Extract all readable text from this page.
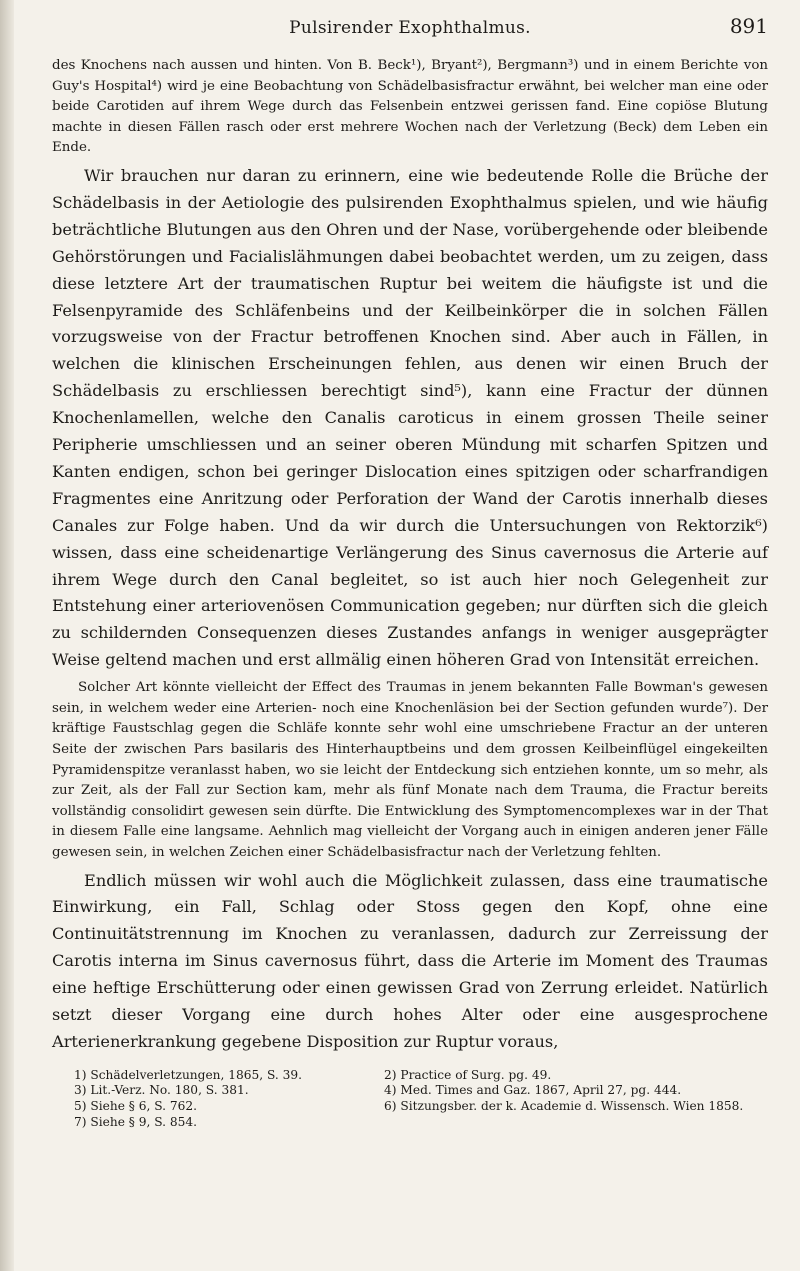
Pulsirender Exophthalmus.	891

des Knochens nach aussen und hinten. Von B. Beck¹), Bryant²), Bergmann³) und in einem Berichte von Guy's Hospital⁴) wird je eine Beobachtung von Schädelbasisfractur erwähnt, bei welcher man eine oder beide Carotiden auf ihrem Wege durch das Felsenbein entzwei gerissen fand. Eine copiöse Blutung machte in diesen Fällen rasch oder erst mehrere Wochen nach der Verletzung (Beck) dem Leben ein Ende.

Wir brauchen nur daran zu erinnern, eine wie bedeutende Rolle die Brüche der Schädelbasis in der Aetiologie des pulsirenden Exophthalmus spielen, und wie häufig beträchtliche Blutungen aus den Ohren und der Nase, vorübergehende oder bleibende Gehörstörungen und Facialislähmungen dabei beobachtet werden, um zu zeigen, dass diese letztere Art der traumatischen Ruptur bei weitem die häufigste ist und die Felsenpyramide des Schläfenbeins und der Keilbeinkörper die in solchen Fällen vorzugsweise von der Fractur betroffenen Knochen sind. Aber auch in Fällen, in welchen die klinischen Erscheinungen fehlen, aus denen wir einen Bruch der Schädelbasis zu erschliessen berechtigt sind⁵), kann eine Fractur der dünnen Knochenlamellen, welche den Canalis caroticus in einem grossen Theile seiner Peripherie umschliessen und an seiner oberen Mündung mit scharfen Spitzen und Kanten endigen, schon bei geringer Dislocation eines spitzigen oder scharfrandigen Fragmentes eine Anritzung oder Perforation der Wand der Carotis innerhalb dieses Canales zur Folge haben. Und da wir durch die Untersuchungen von Rektorzik⁶) wissen, dass eine scheidenartige Verlängerung des Sinus cavernosus die Arterie auf ihrem Wege durch den Canal begleitet, so ist auch hier noch Gelegenheit zur Entstehung einer arteriovenösen Communication gegeben; nur dürften sich die gleich zu schildernden Consequenzen dieses Zustandes anfangs in weniger ausgeprägter Weise geltend machen und erst allmälig einen höheren Grad von Intensität erreichen.

Solcher Art könnte vielleicht der Effect des Traumas in jenem bekannten Falle Bowman's gewesen sein, in welchem weder eine Arterien- noch eine Knochenläsion bei der Section gefunden wurde⁷). Der kräftige Faustschlag gegen die Schläfe konnte sehr wohl eine umschriebene Fractur an der unteren Seite der zwischen Pars basilaris des Hinterhauptbeins und dem grossen Keilbeinflügel eingekeilten Pyramidenspitze veranlasst haben, wo sie leicht der Entdeckung sich entziehen konnte, um so mehr, als zur Zeit, als der Fall zur Section kam, mehr als fünf Monate nach dem Trauma, die Fractur bereits vollständig consolidirt gewesen sein dürfte. Die Entwicklung des Symptomencomplexes war in der That in diesem Falle eine langsame. Aehnlich mag vielleicht der Vorgang auch in einigen anderen jener Fälle gewesen sein, in welchen Zeichen einer Schädelbasisfractur nach der Verletzung fehlten.

Endlich müssen wir wohl auch die Möglichkeit zulassen, dass eine traumatische Einwirkung, ein Fall, Schlag oder Stoss gegen den Kopf, ohne eine Continuitätstrennung im Knochen zu veranlassen, dadurch zur Zerreissung der Carotis interna im Sinus cavernosus führt, dass die Arterie im Moment des Traumas eine heftige Erschütterung oder einen gewissen Grad von Zerrung erleidet. Natürlich setzt dieser Vorgang eine durch hohes Alter oder eine ausgesprochene Arterienerkrankung gegebene Disposition zur Ruptur voraus,

1) Schädelverletzungen, 1865, S. 39.	2) Practice of Surg. pg. 49.
3) Lit.-Verz. No. 180, S. 381.	4) Med. Times and Gaz. 1867, April 27, pg. 444.
5) Siehe § 6, S. 762.	6) Sitzungsber. der k. Academie d. Wissensch. Wien 1858.
7) Siehe § 9, S. 854.
